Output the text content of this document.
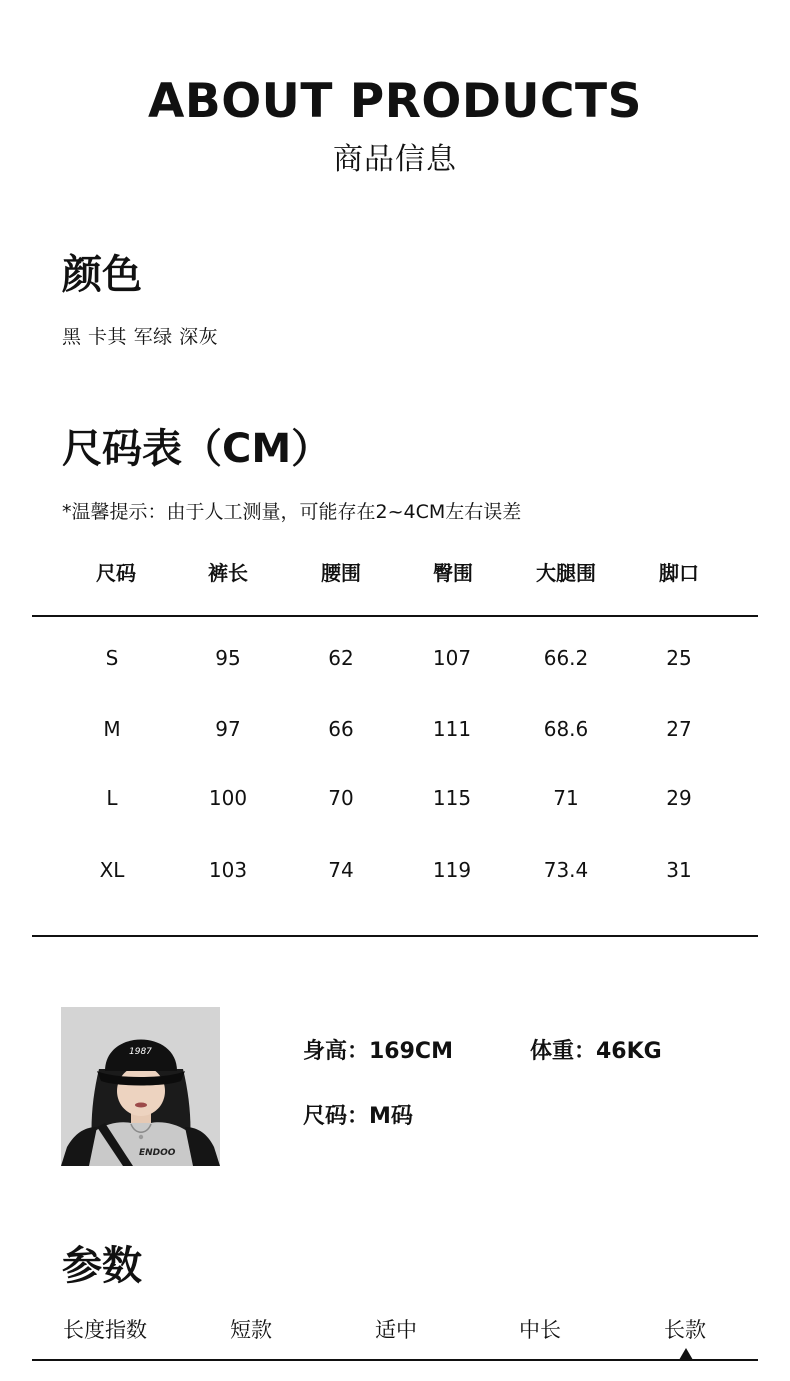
ABOUT PRODUCTS
商品信息
颜色
黑 卡其 军绿 深灰
尺码表（CM）
*温馨提示：由于人工测量，可能存在2~4CM左右误差
尺码	裤长	腰围	臀围	大腿围	脚口
S	95	62	107	66.2	25
M	97	66	111	68.6	27
L	100	70	115	71	29
XL	103	74	119	73.4	31
ENDOO
1987	身高：169CM	体重：46KG
尺码：M码
参数
长度指数	短款	适中	中长	长款
